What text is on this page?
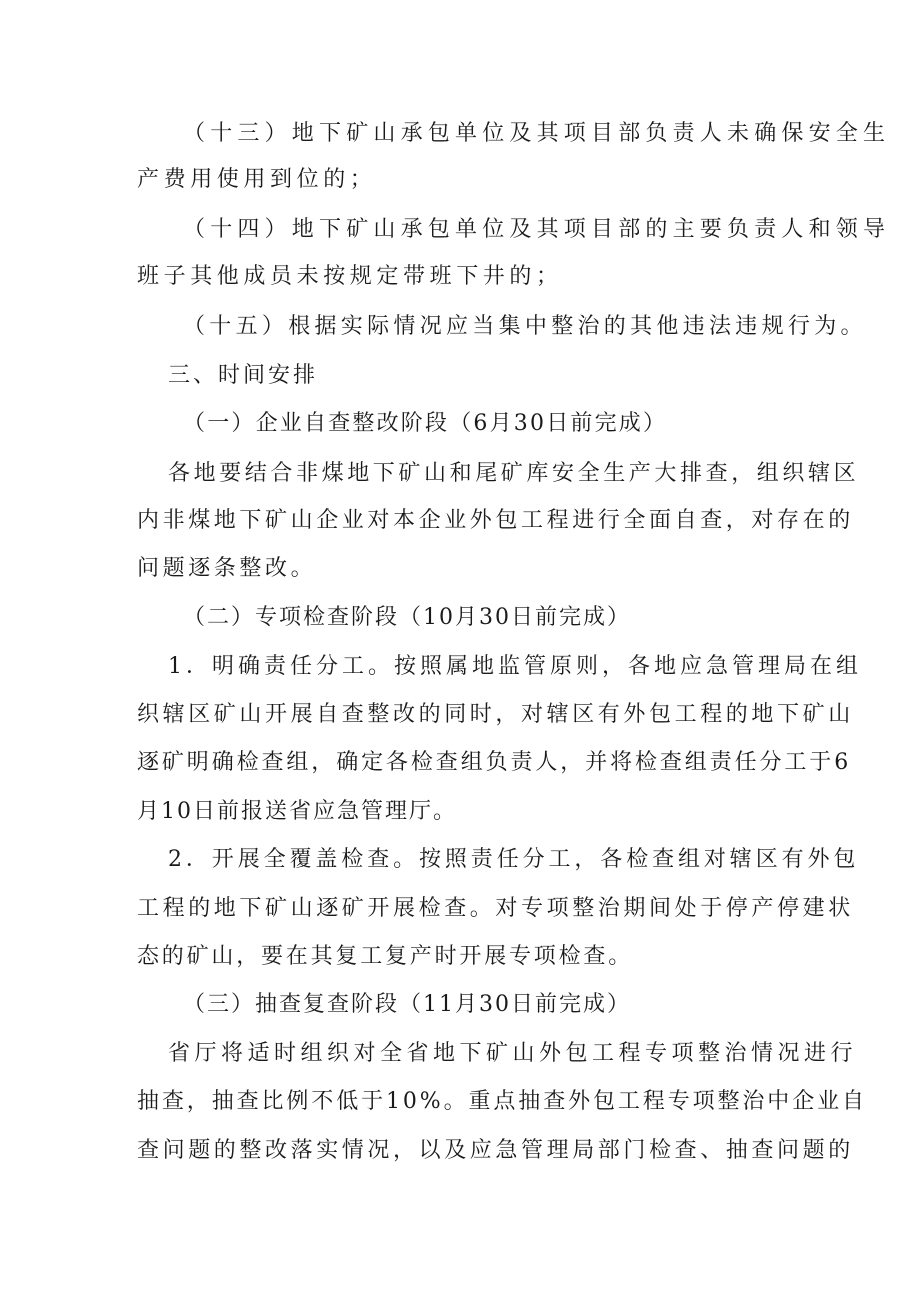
（十三）地下矿山承包单位及其项目部负责人未确保安全生
产费用使用到位的；
（十四）地下矿山承包单位及其项目部的主要负责人和领导
班子其他成员未按规定带班下井的；
（十五）根据实际情况应当集中整治的其他违法违规行为。
三、时间安排
（一）企业自查整改阶段（6月30日前完成）
各地要结合非煤地下矿山和尾矿库安全生产大排查，组织辖区
内非煤地下矿山企业对本企业外包工程进行全面自查，对存在的
问题逐条整改。
（二）专项检查阶段（10月30日前完成）
1．明确责任分工。按照属地监管原则，各地应急管理局在组
织辖区矿山开展自查整改的同时，对辖区有外包工程的地下矿山
逐矿明确检查组，确定各检查组负责人，并将检查组责任分工于6
月10日前报送省应急管理厅。
2．开展全覆盖检查。按照责任分工，各检查组对辖区有外包
工程的地下矿山逐矿开展检查。对专项整治期间处于停产停建状
态的矿山，要在其复工复产时开展专项检查。
（三）抽查复查阶段（11月30日前完成）
省厅将适时组织对全省地下矿山外包工程专项整治情况进行
抽查，抽查比例不低于10%。重点抽查外包工程专项整治中企业自
查问题的整改落实情况，以及应急管理局部门检查、抽查问题的
